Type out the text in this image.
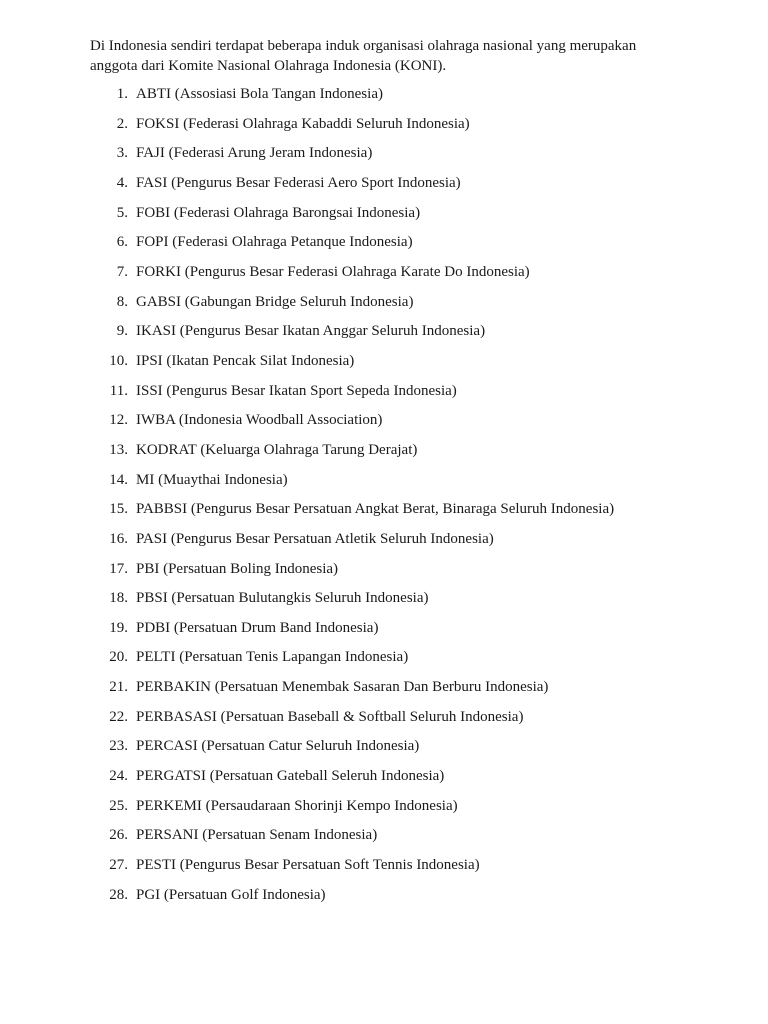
Di Indonesia sendiri terdapat beberapa induk organisasi olahraga nasional yang merupakan
anggota dari Komite Nasional Olahraga Indonesia (KONI).

1. ABTI (Assosiasi Bola Tangan Indonesia)
2. FOKSI (Federasi Olahraga Kabaddi Seluruh Indonesia)
3. FAJI (Federasi Arung Jeram Indonesia)
4. FASI (Pengurus Besar Federasi Aero Sport Indonesia)
5. FOBI (Federasi Olahraga Barongsai Indonesia)
6. FOPI (Federasi Olahraga Petanque Indonesia)
7. FORKI (Pengurus Besar Federasi Olahraga Karate Do Indonesia)
8. GABSI (Gabungan Bridge Seluruh Indonesia)
9. IKASI (Pengurus Besar Ikatan Anggar Seluruh Indonesia)
10. IPSI (Ikatan Pencak Silat Indonesia)
11. ISSI (Pengurus Besar Ikatan Sport Sepeda Indonesia)
12. IWBA (Indonesia Woodball Association)
13. KODRAT (Keluarga Olahraga Tarung Derajat)
14. MI (Muaythai Indonesia)
15. PABBSI (Pengurus Besar Persatuan Angkat Berat, Binaraga Seluruh Indonesia)
16. PASI (Pengurus Besar Persatuan Atletik Seluruh Indonesia)
17. PBI (Persatuan Boling Indonesia)
18. PBSI (Persatuan Bulutangkis Seluruh Indonesia)
19. PDBI (Persatuan Drum Band Indonesia)
20. PELTI (Persatuan Tenis Lapangan Indonesia)
21. PERBAKIN (Persatuan Menembak Sasaran Dan Berburu Indonesia)
22. PERBASASI (Persatuan Baseball & Softball Seluruh Indonesia)
23. PERCASI (Persatuan Catur Seluruh Indonesia)
24. PERGATSI (Persatuan Gateball Seleruh Indonesia)
25. PERKEMI (Persaudaraan Shorinji Kempo Indonesia)
26. PERSANI (Persatuan Senam Indonesia)
27. PESTI (Pengurus Besar Persatuan Soft Tennis Indonesia)
28. PGI (Persatuan Golf Indonesia)
